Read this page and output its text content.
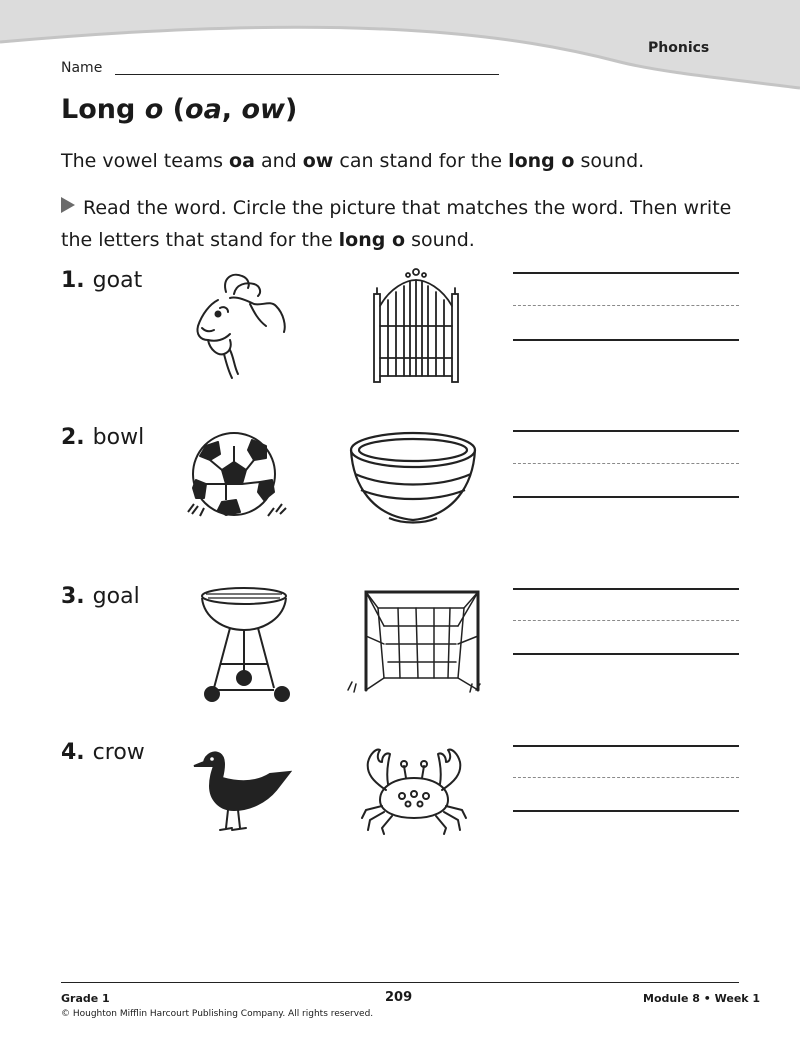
Phonics
Name
Long o (oa, ow)
The vowel teams oa and ow can stand for the long o sound.
Read the word. Circle the picture that matches the word. Then write the letters that stand for the long o sound.
1. goat
2. bowl
3. goal
4. crow
Grade 1	209	Module 8 • Week 1
© Houghton Mifflin Harcourt Publishing Company. All rights reserved.
